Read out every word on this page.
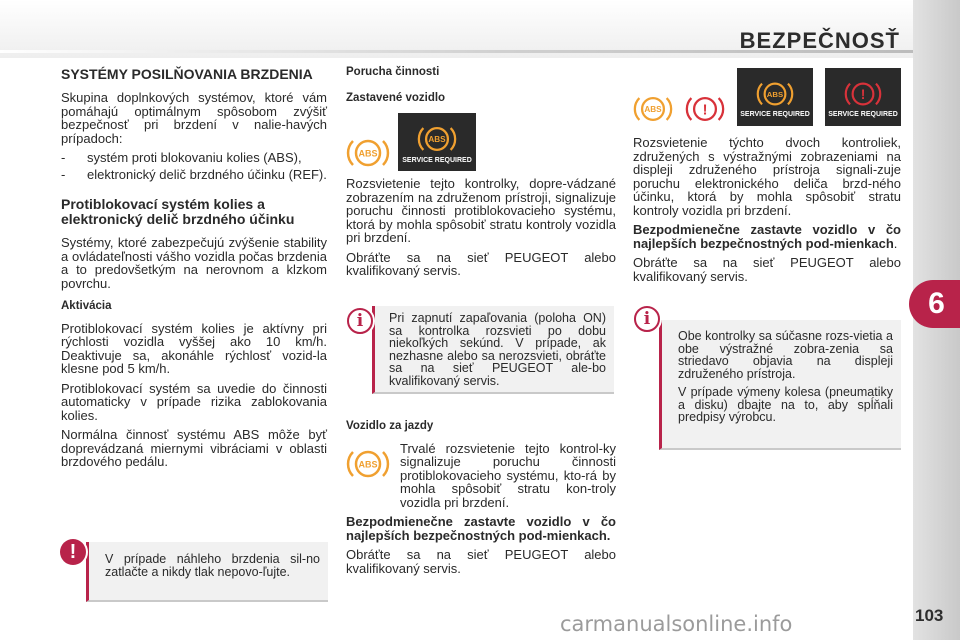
BEZPEČNOSŤ
6
103
carmanualsonline.info
SYSTÉMY POSILŇOVANIA BRZDENIA

Skupina doplnkových systémov, ktoré vám pomáhajú optimálnym spôsobom zvýšiť bezpečnosť pri brzdení v nalie-havých prípadoch:

-	systém proti blokovaniu kolies (ABS),
-	elektronický delič brzdného účinku (REF).
Protiblokovací systém kolies a elektronický delič brzdného účinku

Systémy, ktoré zabezpečujú zvýšenie stability a ovládateľnosti vášho vozidla počas brzdenia a to predovšetkým na nerovnom a klzkom povrchu.

Aktivácia

Protiblokovací systém kolies je aktívny pri rýchlosti vozidla vyššej ako 10 km/h. Deaktivuje sa, akonáhle rýchlosť vozid-la klesne pod 5 km/h.

Protiblokovací systém sa uvedie do činnosti automaticky v prípade rizika zablokovania kolies.

Normálna činnosť systému ABS môže byť doprevádzaná miernymi vibráciami v oblasti brzdového pedálu.

V prípade náhleho brzdenia sil-no zatlačte a nikdy tlak nepovo-ľujte.

!
Porucha činnosti
Zastavené vozidlo
ABS
ABS
SERVICE REQUIRED

Rozsvietenie tejto kontrolky, dopre-vádzané zobrazením na združenom prístroji, signalizuje poruchu činnosti protiblokovacieho systému, ktorá by mohla spôsobiť stratu kontroly vozidla pri brzdení.

Obráťte sa na sieť PEUGEOT alebo kvalifikovaný servis.

Pri zapnutí zapaľovania (poloha ON) sa kontrolka rozsvieti po dobu niekoľkých sekúnd. V prípade, ak nezhasne alebo sa nerozsvieti, obráťte sa na sieť PEUGEOT ale-bo kvalifikovaný servis.

i
Vozidlo za jazdy
ABS

Trvalé rozsvietenie tejto kontrol-ky signalizuje poruchu činnosti protiblokovacieho systému, kto-rá by mohla spôsobiť stratu kon-troly vozidla pri brzdení.

Bezpodmienečne zastavte vozidlo v čo najlepších bezpečnostných pod-mienkach.

Obráťte sa na sieť PEUGEOT alebo kvalifikovaný servis.

ABS	!
ABS
SERVICE REQUIRED
!
SERVICE REQUIRED

Rozsvietenie týchto dvoch kontroliek, združených s výstražnými zobrazeniami na displeji združeného prístroja signali-zuje poruchu elektronického deliča brzd-ného účinku, ktorá by mohla spôsobiť stratu kontroly vozidla pri brzdení.

Bezpodmienečne zastavte vozidlo v čo najlepších bezpečnostných pod-mienkach.

Obráťte sa na sieť PEUGEOT alebo kvalifikovaný servis.

Obe kontrolky sa súčasne rozs-vietia a obe výstražné zobra-zenia sa striedavo objavia na displeji združeného prístroja.

V prípade výmeny kolesa (pneumatiky a disku) dbajte na to, aby spĺňali predpisy výrobcu.

i
